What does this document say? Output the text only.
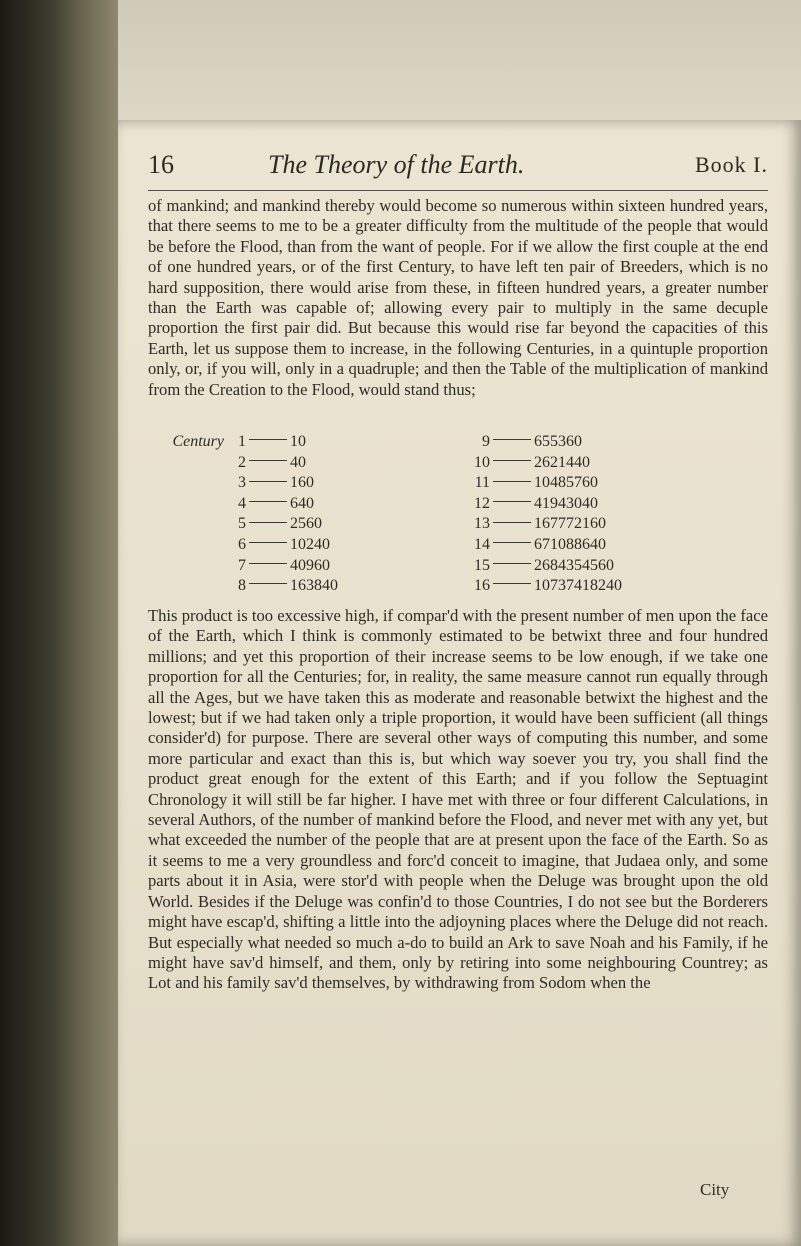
16	The Theory of the Earth.	Book I.
of mankind; and mankind thereby would become so numerous within sixteen hundred years, that there seems to me to be a greater difficulty from the multitude of the people that would be before the Flood, than from the want of people. For if we allow the first couple at the end of one hundred years, or of the first Century, to have left ten pair of Breeders, which is no hard supposition, there would arise from these, in fifteen hundred years, a greater number than the Earth was capable of; allowing every pair to multiply in the same decuple proportion the first pair did. But because this would rise far beyond the capacities of this Earth, let us suppose them to increase, in the following Centuries, in a quintuple proportion only, or, if you will, only in a quadruple; and then the Table of the multiplication of mankind from the Creation to the Flood, would stand thus;
Century 1	10
2	40
3	160
4	640
5	2560
6	10240
7	40960
8	163840
9	655360
10	2621440
11	10485760
12	41943040
13	167772160
14	671088640
15	2684354560
16	10737418240
This product is too excessive high, if compar'd with the present number of men upon the face of the Earth, which I think is commonly estimated to be betwixt three and four hundred millions; and yet this proportion of their increase seems to be low enough, if we take one proportion for all the Centuries; for, in reality, the same measure cannot run equally through all the Ages, but we have taken this as moderate and reasonable betwixt the highest and the lowest; but if we had taken only a triple proportion, it would have been sufficient (all things consider'd) for purpose. There are several other ways of computing this number, and some more particular and exact than this is, but which way soever you try, you shall find the product great enough for the extent of this Earth; and if you follow the Septuagint Chronology it will still be far higher. I have met with three or four different Calculations, in several Authors, of the number of mankind before the Flood, and never met with any yet, but what exceeded the number of the people that are at present upon the face of the Earth. So as it seems to me a very groundless and forc'd conceit to imagine, that Judaea only, and some parts about it in Asia, were stor'd with people when the Deluge was brought upon the old World. Besides if the Deluge was confin'd to those Countries, I do not see but the Borderers might have escap'd, shifting a little into the adjoyning places where the Deluge did not reach. But especially what needed so much a-do to build an Ark to save Noah and his Family, if he might have sav'd himself, and them, only by retiring into some neighbouring Countrey; as Lot and his family sav'd themselves, by withdrawing from Sodom when the
City
